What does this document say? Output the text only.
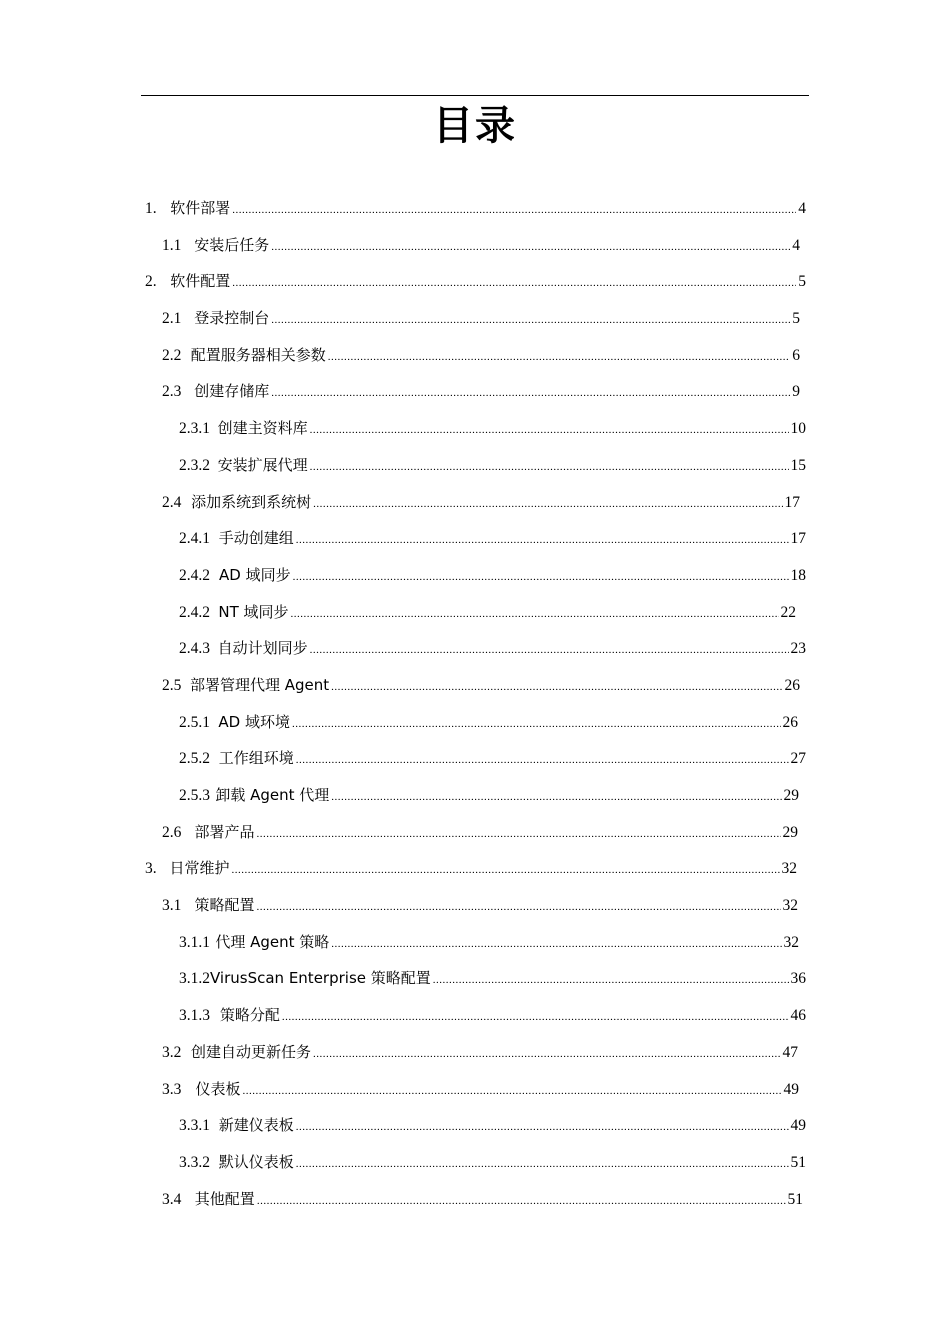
目录
1. 软件部署 .....	4
1.1 安装后任务 .....	4
2. 软件配置 .....	5
2.1 登录控制台 .....	5
2.2 配置服务器相关参数 .....	6
2.3 创建存储库 .....	9
2.3.1 创建主资料库 .....	10
2.3.2 安装扩展代理 .....	15
2.4 添加系统到系统树 .....	17
2.4.1 手动创建组 .....	17
2.4.2 AD 域同步 .....	18
2.4.2 NT 域同步 .....	22
2.4.3 自动计划同步 .....	23
2.5 部署管理代理 Agent .....	26
2.5.1 AD 域环境 .....	26
2.5.2 工作组环境 .....	27
2.5.3 卸载 Agent 代理 .....	29
2.6 部署产品 .....	29
3. 日常维护 .....	32
3.1 策略配置 .....	32
3.1.1 代理 Agent 策略 .....	32
3.1.2 VirusScan Enterprise 策略配置 .....	36
3.1.3 策略分配 .....	46
3.2 创建自动更新任务 .....	47
3.3 仪表板 .....	49
3.3.1 新建仪表板 .....	49
3.3.2 默认仪表板 .....	51
3.4 其他配置 .....	51
